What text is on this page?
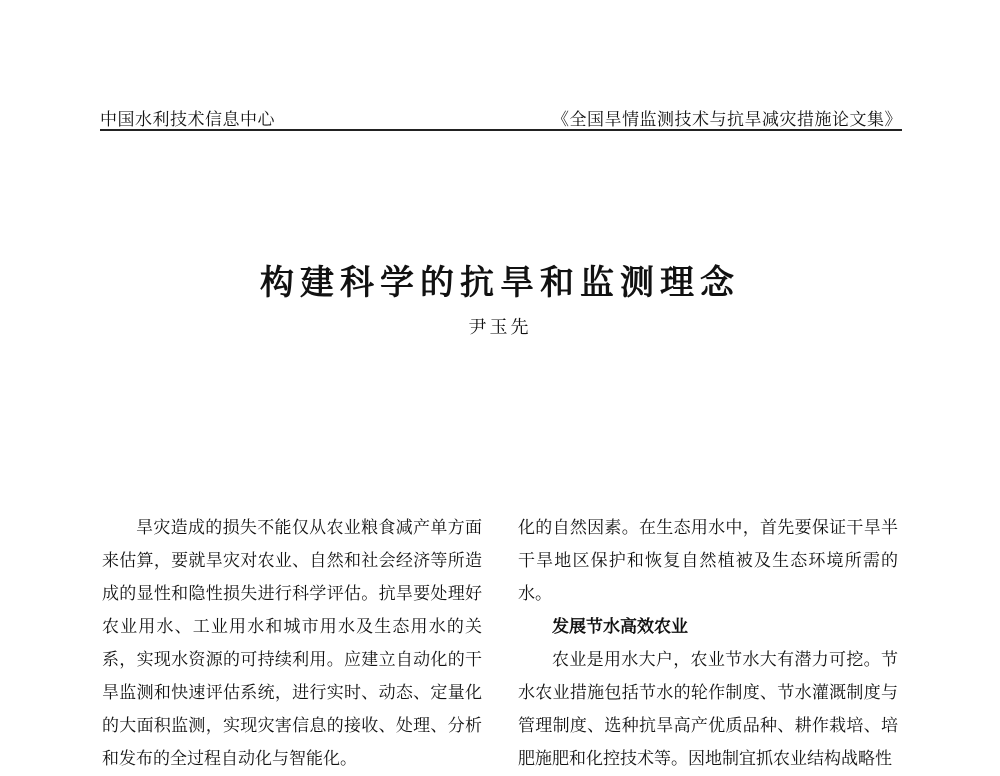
中国水利技术信息中心	《全国旱情监测技术与抗旱减灾措施论文集》
构建科学的抗旱和监测理念
尹玉先

旱灾造成的损失不能仅从农业粮食减产单方面来估算，要就旱灾对农业、自然和社会经济等所造成的显性和隐性损失进行科学评估。抗旱要处理好农业用水、工业用水和城市用水及生态用水的关系，实现水资源的可持续利用。应建立自动化的干旱监测和快速评估系统，进行实时、动态、定量化的大面积监测，实现灾害信息的接收、处理、分析和发布的全过程自动化与智能化。

化的自然因素。在生态用水中，首先要保证干旱半干旱地区保护和恢复自然植被及生态环境所需的水。

发展节水高效农业

农业是用水大户，农业节水大有潜力可挖。节水农业措施包括节水的轮作制度、节水灌溉制度与管理制度、选种抗旱高产优质品种、耕作栽培、培肥施肥和化控技术等。因地制宜抓农业结构战略性
